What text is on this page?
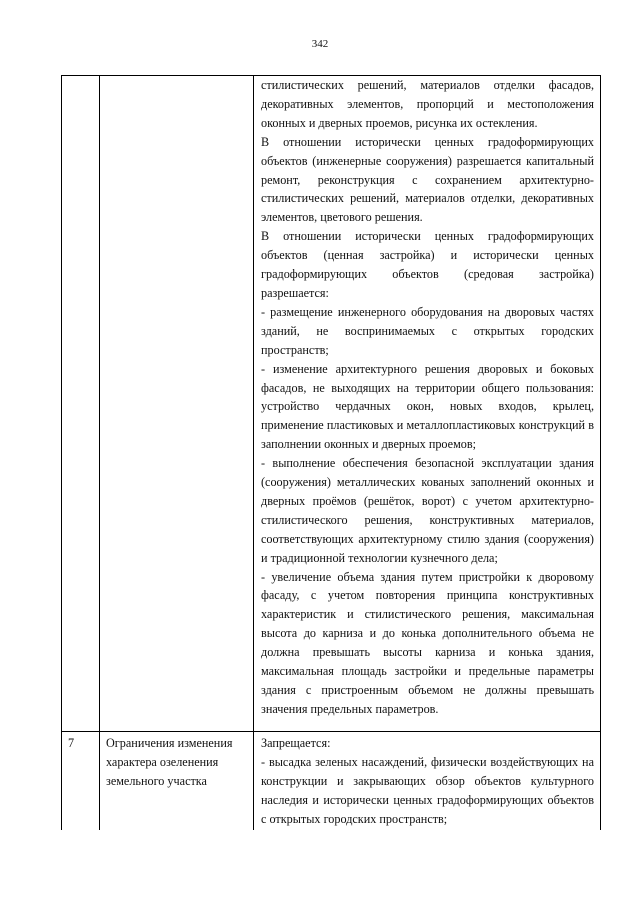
342

стилистических решений, материалов отделки фасадов, декоративных элементов, пропорций и местоположения оконных и дверных проемов, рисунка их остекления.

В отношении исторически ценных градоформирующих объектов (инженерные сооружения) разрешается капитальный ремонт, реконструкция с сохранением архитектурно-стилистических решений, материалов отделки, декоративных элементов, цветового решения.

В отношении исторически ценных градоформирующих объектов (ценная застройка) и исторически ценных градоформирующих объектов (средовая застройка) разрешается:

- размещение инженерного оборудования на дворовых частях зданий, не воспринимаемых с открытых городских пространств;

- изменение архитектурного решения дворовых и боковых фасадов, не выходящих на территории общего пользования: устройство чердачных окон, новых входов, крылец, применение пластиковых и металлопластиковых конструкций в заполнении оконных и дверных проемов;

- выполнение обеспечения безопасной эксплуатации здания (сооружения) металлических кованых заполнений оконных и дверных проёмов (решёток, ворот) с учетом архитектурно-стилистического решения, конструктивных материалов, соответствующих архитектурному стилю здания (сооружения) и традиционной технологии кузнечного дела;

- увеличение объема здания путем пристройки к дворовому фасаду, с учетом повторения принципа конструктивных характеристик и стилистического решения, максимальная высота до карниза и до конька дополнительного объема не должна превышать высоты карниза и конька здания, максимальная площадь застройки и предельные параметры здания с пристроенным объемом не должны превышать значения предельных параметров.

7	Ограничения изменения характера озеленения земельного участка

Запрещается:

- высадка зеленых насаждений, физически воздействующих на конструкции и закрывающих обзор объектов культурного наследия и исторически ценных градоформирующих объектов с открытых городских пространств;
